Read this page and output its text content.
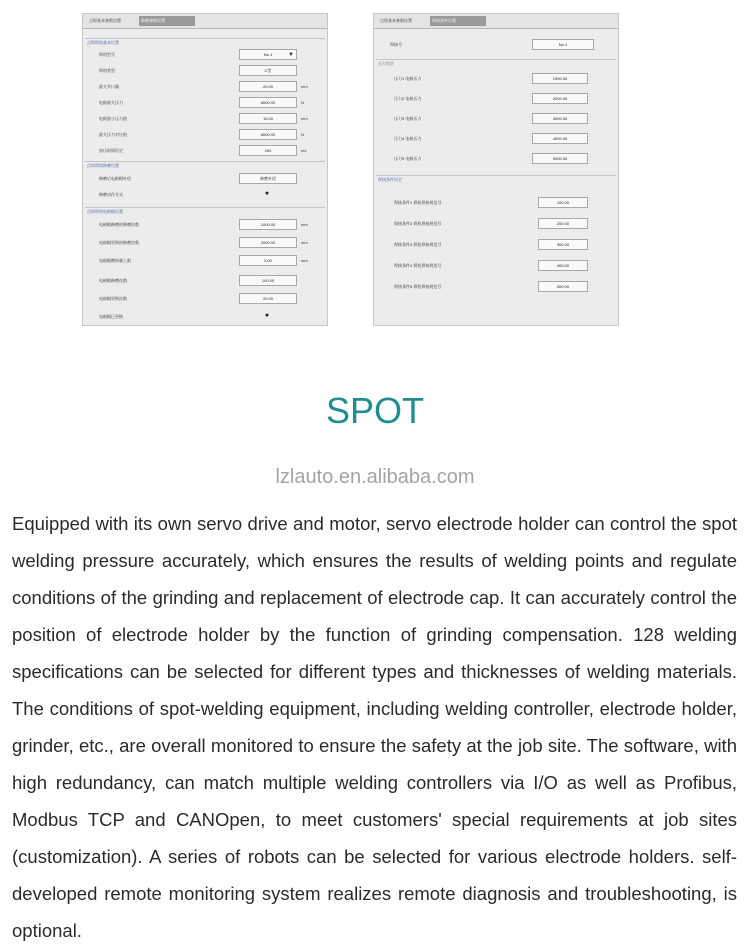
点焊基本参数设置	修磨参数设置
点焊焊钳基本设置
点焊焊钳修磨设置
点焊焊钳电极帽设置
焊钳型号	No.1	▼
焊钳类型	C型
最大开口量	20.00	mm
电极最大压力	8000.00	N
电极最小压力值	15.00	mm
最大压力对应值	8000.00	N
加压时间设定	200	ms
修磨后电极帽补偿	修磨补偿
修磨动作方式	●
电极帽修磨的修磨次数	1000.00	mm
电极帽更换的修磨次数	2000.00	mm
电极帽磨损量上限	2.00	mm
电极帽修磨次数	100.00
电极帽更换次数	20.00
电极帽已更换	●
点焊基本参数设置	焊接条件设置
焊接号	No.1
压力设定
焊接条件设定
压力1 电极压力	1000.00
压力2 电极压力	2000.00
压力3 电极压力	3000.00
压力4 电极压力	4000.00
压力5 电极压力	5000.00
焊接条件1 焊机焊接规范号	100.00
焊接条件2 焊机焊接规范号	200.00
焊接条件3 焊机焊接规范号	300.00
焊接条件4 焊机焊接规范号	400.00
焊接条件5 焊机焊接规范号	500.00
SPOT
lzlauto.en.alibaba.com

Equipped with its own servo drive and motor, servo electrode holder can control the spot welding pressure accurately, which ensures the results of welding points and regulate conditions of the grinding and replacement of electrode cap. It can accurately control the position of electrode holder by the function of grinding compensation. 128 welding specifications can be selected for different types and thicknesses of welding materials. The conditions of spot-welding equipment, including welding controller, electrode holder, grinder, etc., are overall monitored to ensure the safety at the job site. The software, with high redundancy, can match multiple welding controllers via I/O as well as Profibus, Modbus TCP and CANOpen, to meet customers' special requirements at job sites (customization). A series of robots can be selected for various electrode holders. self-developed remote monitoring system realizes remote diagnosis and troubleshooting, is optional.
